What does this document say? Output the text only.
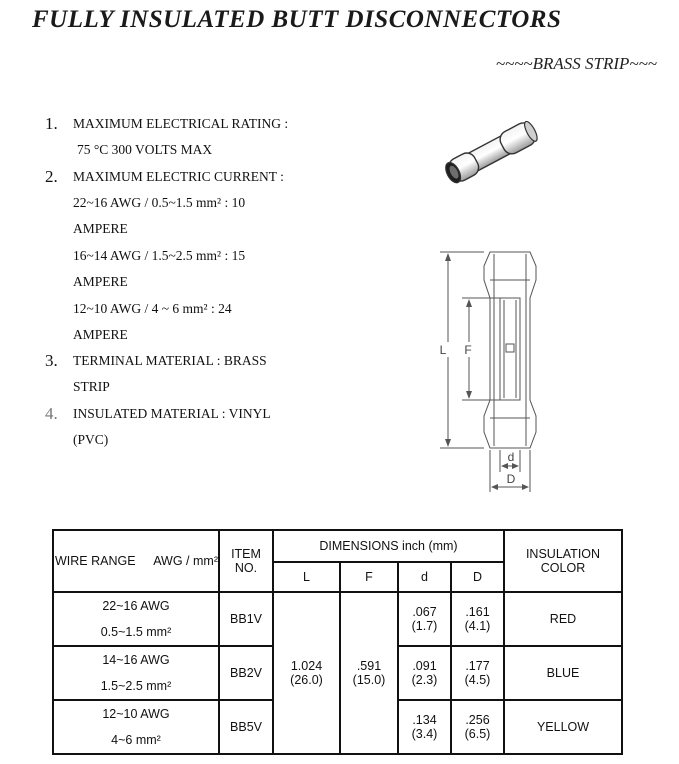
FULLY INSULATED BUTT DISCONNECTORS
~~~~BRASS STRIP~~~
1.	MAXIMUM ELECTRICAL RATING :
75 °C 300 VOLTS MAX
2.	MAXIMUM ELECTRIC CURRENT :
22~16 AWG / 0.5~1.5 mm² : 10
AMPERE
16~14 AWG / 1.5~2.5 mm² : 15
AMPERE
12~10 AWG / 4 ~ 6 mm² : 24
AMPERE
3.	TERMINAL MATERIAL : BRASS
STRIP
4.	INSULATED MATERIAL : VINYL
(PVC)
L F
d
D
WIRE RANGE AWG / mm²	ITEM NO.	DIMENSIONS inch (mm)				INSULATION COLOR
		L	F	d	D	

22~16 AWG
0.5~1.5 mm²	BB1V	1.024 (26.0)	.591 (15.0)	.067 (1.7)	.161 (4.1)	RED

14~16 AWG
1.5~2.5 mm²	BB2V			.091 (2.3)	.177 (4.5)	BLUE

12~10 AWG
4~6 mm²	BB5V			.134 (3.4)	.256 (6.5)	YELLOW
